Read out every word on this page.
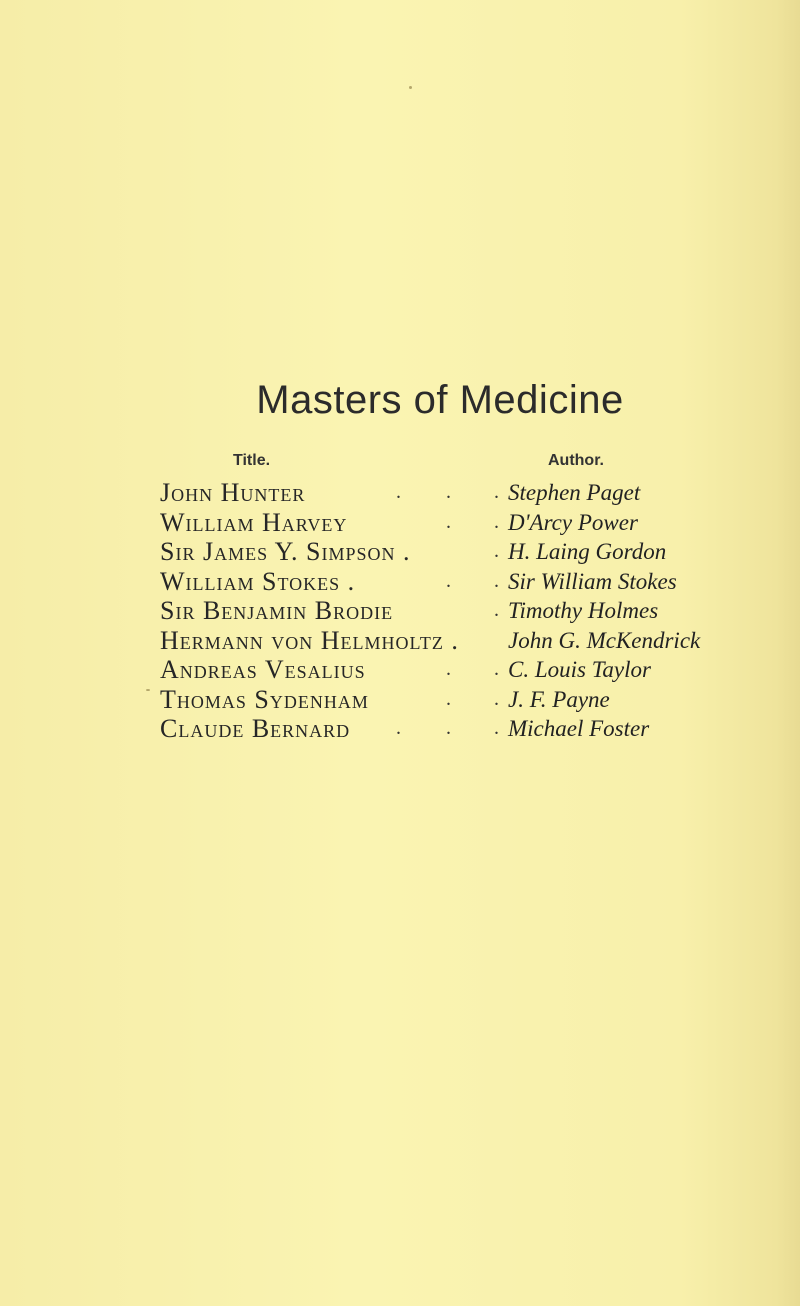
Masters of Medicine
Title.	Author.
John Hunter	. . . Stephen Paget
William Harvey	. . D'Arcy Power
Sir James Y. Simpson .	. H. Laing Gordon
William Stokes .	. . Sir William Stokes
Sir Benjamin Brodie	. Timothy Holmes
Hermann von Helmholtz . John G. McKendrick
Andreas Vesalius	. . C. Louis Taylor
Thomas Sydenham	. . J. F. Payne
Claude Bernard . . . Michael Foster
